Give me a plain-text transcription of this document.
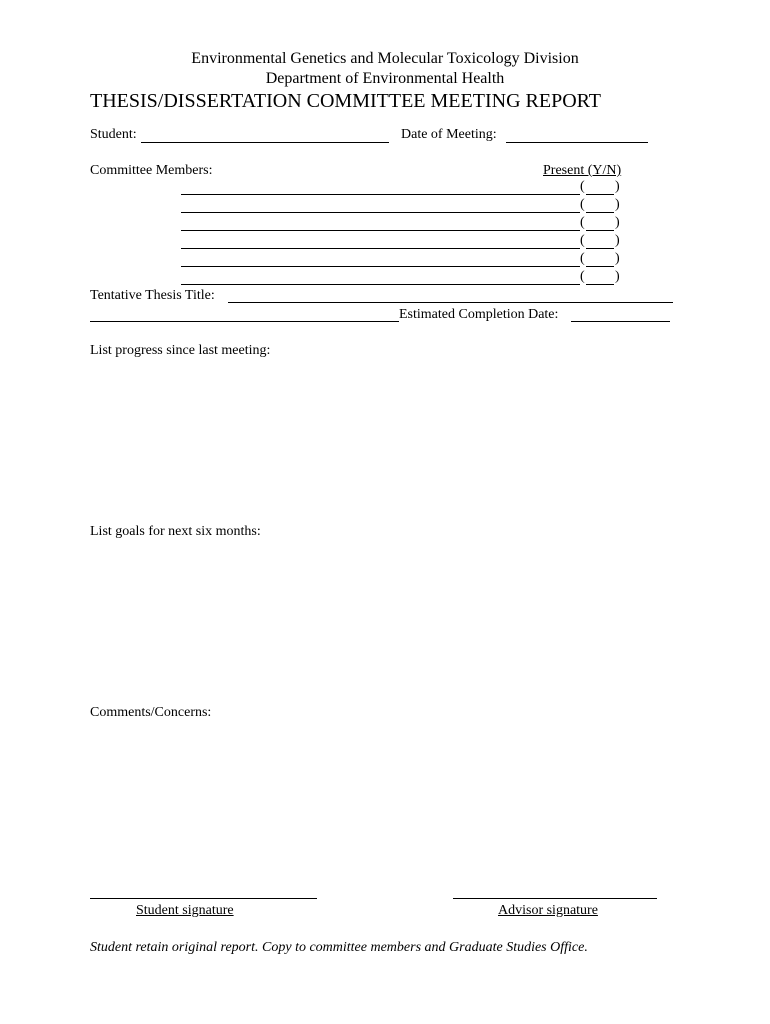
Environmental Genetics and Molecular Toxicology Division
Department of Environmental Health
THESIS/DISSERTATION COMMITTEE MEETING REPORT
Student:	Date of Meeting:
Committee Members:	Present (Y/N)
( )
( )
( )
( )
( )
( )
Tentative Thesis Title:
Estimated Completion Date:
List progress since last meeting:
List goals for next six months:
Comments/Concerns:
Student signature	Advisor signature
Student retain original report. Copy to committee members and Graduate Studies Office.
